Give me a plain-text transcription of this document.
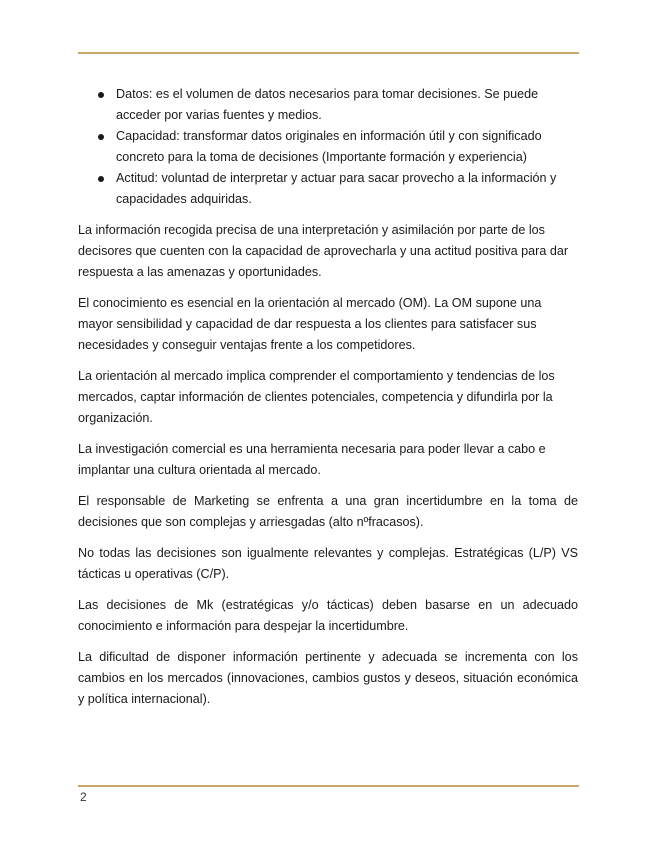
Datos: es el volumen de datos necesarios para tomar decisiones. Se puede acceder por varias fuentes y medios.
Capacidad: transformar datos originales en información útil y con significado concreto para la toma de decisiones (Importante formación y experiencia)
Actitud: voluntad de interpretar y actuar para sacar provecho a la información y capacidades adquiridas.

La información recogida precisa de una interpretación y asimilación por parte de los decisores que cuenten con la capacidad de aprovecharla y una actitud positiva para dar respuesta a las amenazas y oportunidades.

El conocimiento es esencial en la orientación al mercado (OM). La OM supone una mayor sensibilidad y capacidad de dar respuesta a los clientes para satisfacer sus necesidades y conseguir ventajas frente a los competidores.

La orientación al mercado implica comprender el comportamiento y tendencias de los mercados, captar información de clientes potenciales, competencia y difundirla por la organización.

La investigación comercial es una herramienta necesaria para poder llevar a cabo e implantar una cultura orientada al mercado.

El responsable de Marketing se enfrenta a una gran incertidumbre en la toma de decisiones que son complejas y arriesgadas (alto nºfracasos).

No todas las decisiones son igualmente relevantes y complejas. Estratégicas (L/P) VS tácticas u operativas (C/P).

Las decisiones de Mk (estratégicas y/o tácticas) deben basarse en un adecuado conocimiento e información para despejar la incertidumbre.

La dificultad de disponer información pertinente y adecuada se incrementa con los cambios en los mercados (innovaciones, cambios gustos y deseos, situación económica y política internacional).

2
